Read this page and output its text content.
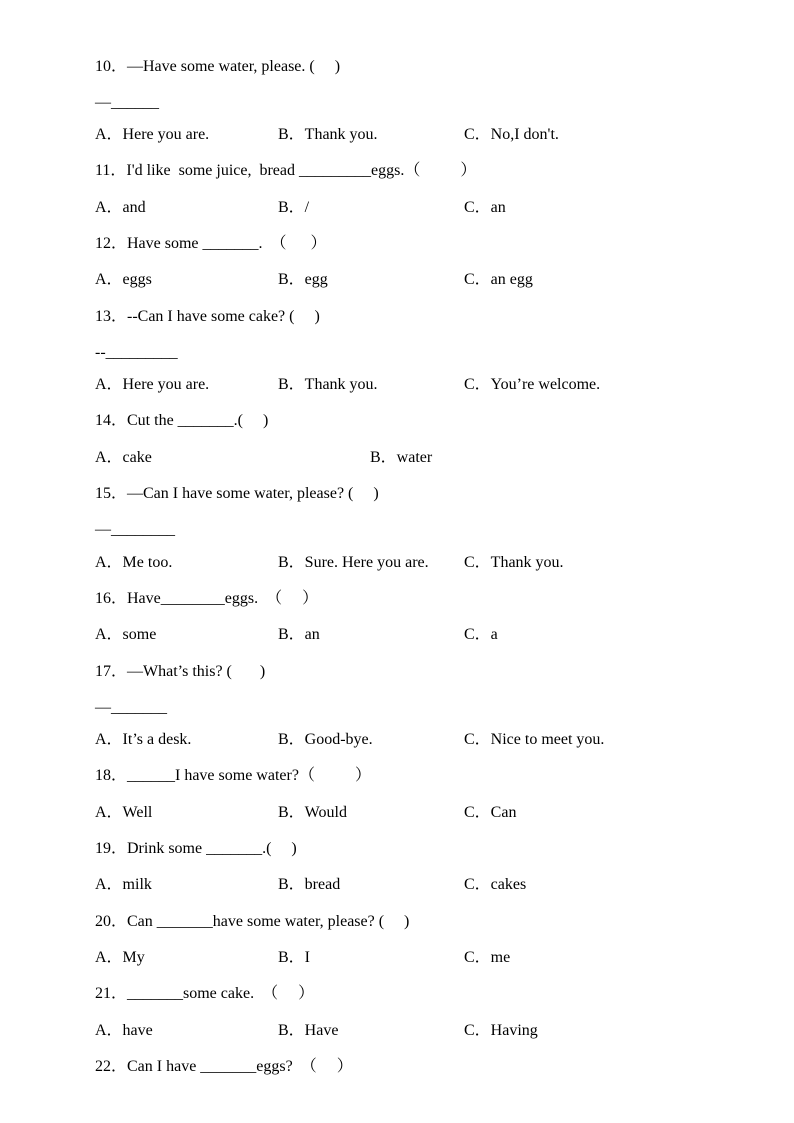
10．—Have some water, please. (     )
—______
A．Here you are.	B．Thank you.	C．No,I don't.
11．I'd like  some juice,  bread _________eggs.（          ）
A．and	B．/	C．an
12．Have some _______.  （      ）
A．eggs	B．egg	C．an egg
13．--Can I have some cake? (     )
--_________
A．Here you are.	B．Thank you.	C．You’re welcome.
14．Cut the _______.(     )
A．cake	B．water
15．—Can I have some water, please? (     )
—________
A．Me too.	B．Sure. Here you are. C．Thank you.
16．Have________eggs.  （     ）
A．some	B．an	C．a
17．—What’s this? (       )
—_______
A．It’s a desk.	B．Good-bye.	C．Nice to meet you.
18．______I have some water?（          ）
A．Well	B．Would	C．Can
19．Drink some _______.(     )
A．milk	B．bread	C．cakes
20．Can _______have some water, please? (     )
A．My	B．I	C．me
21．_______some cake.  （     ）
A．have	B．Have	C．Having
22．Can I have _______eggs?  （     ）
